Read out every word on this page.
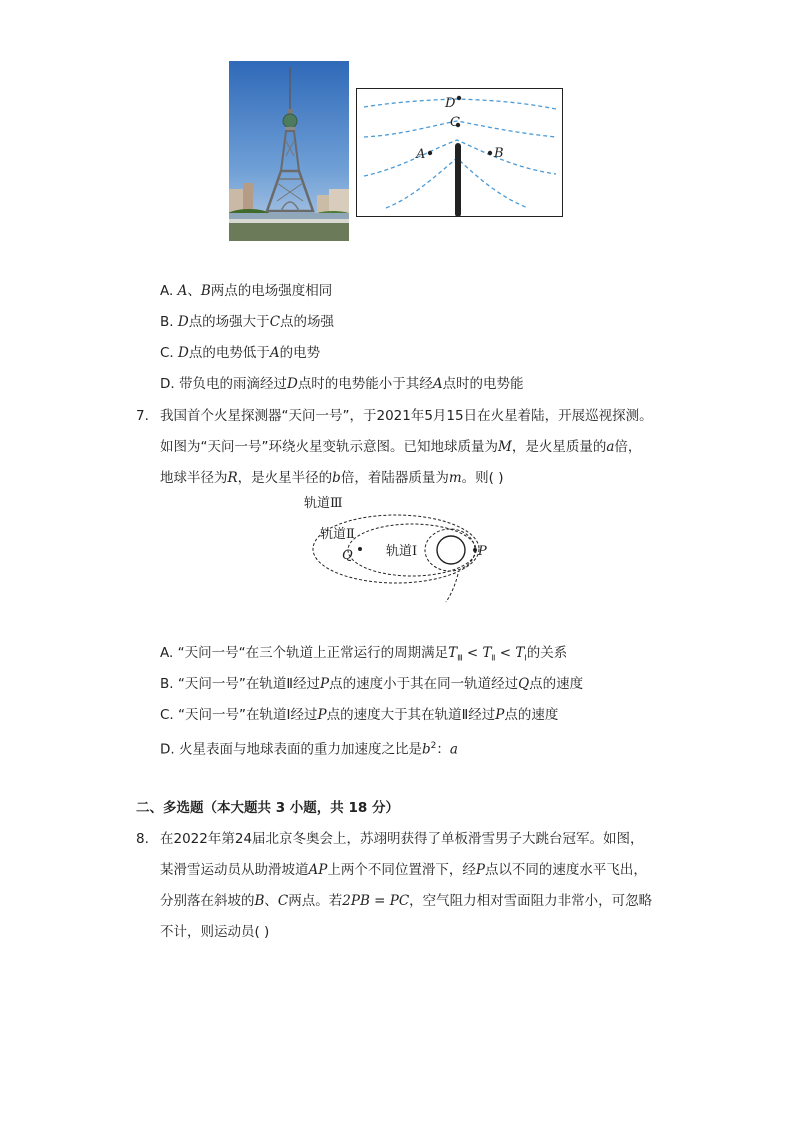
D
C
A	B
A. A、B两点的电场强度相同
B. D点的场强大于C点的场强
C. D点的电势低于A的电势
D. 带负电的雨滴经过D点时的电势能小于其经A点时的电势能
7. 我国首个火星探测器“天问一号”，于2021年5月15日在火星着陆，开展巡视探测。
如图为“天问一号”环绕火星变轨示意图。已知地球质量为M，是火星质量的a倍，
地球半径为R，是火星半径的b倍，着陆器质量为m。则( )
轨道Ⅲ
轨道Ⅱ
轨道Ⅰ
Q	P
A. “天问一号“在三个轨道上正常运行的周期满足$T_Ⅲ < T_Ⅱ < T_Ⅰ$的关系
B. “天问一号”在轨道Ⅱ经过P点的速度小于其在同一轨道经过Q点的速度
C. “天问一号”在轨道Ⅰ经过P点的速度大于其在轨道Ⅱ经过P点的速度
D. 火星表面与地球表面的重力加速度之比是$b^2$：a
二、多选题（本大题共 3 小题，共 18 分）
8. 在2022年第24届北京冬奥会上，苏翊明获得了单板滑雪男子大跳台冠军。如图，
某滑雪运动员从助滑坡道AP上两个不同位置滑下，经P点以不同的速度水平飞出，
分别落在斜坡的B、C两点。若2PB = PC，空气阻力相对雪面阻力非常小，可忽略
不计，则运动员( )
